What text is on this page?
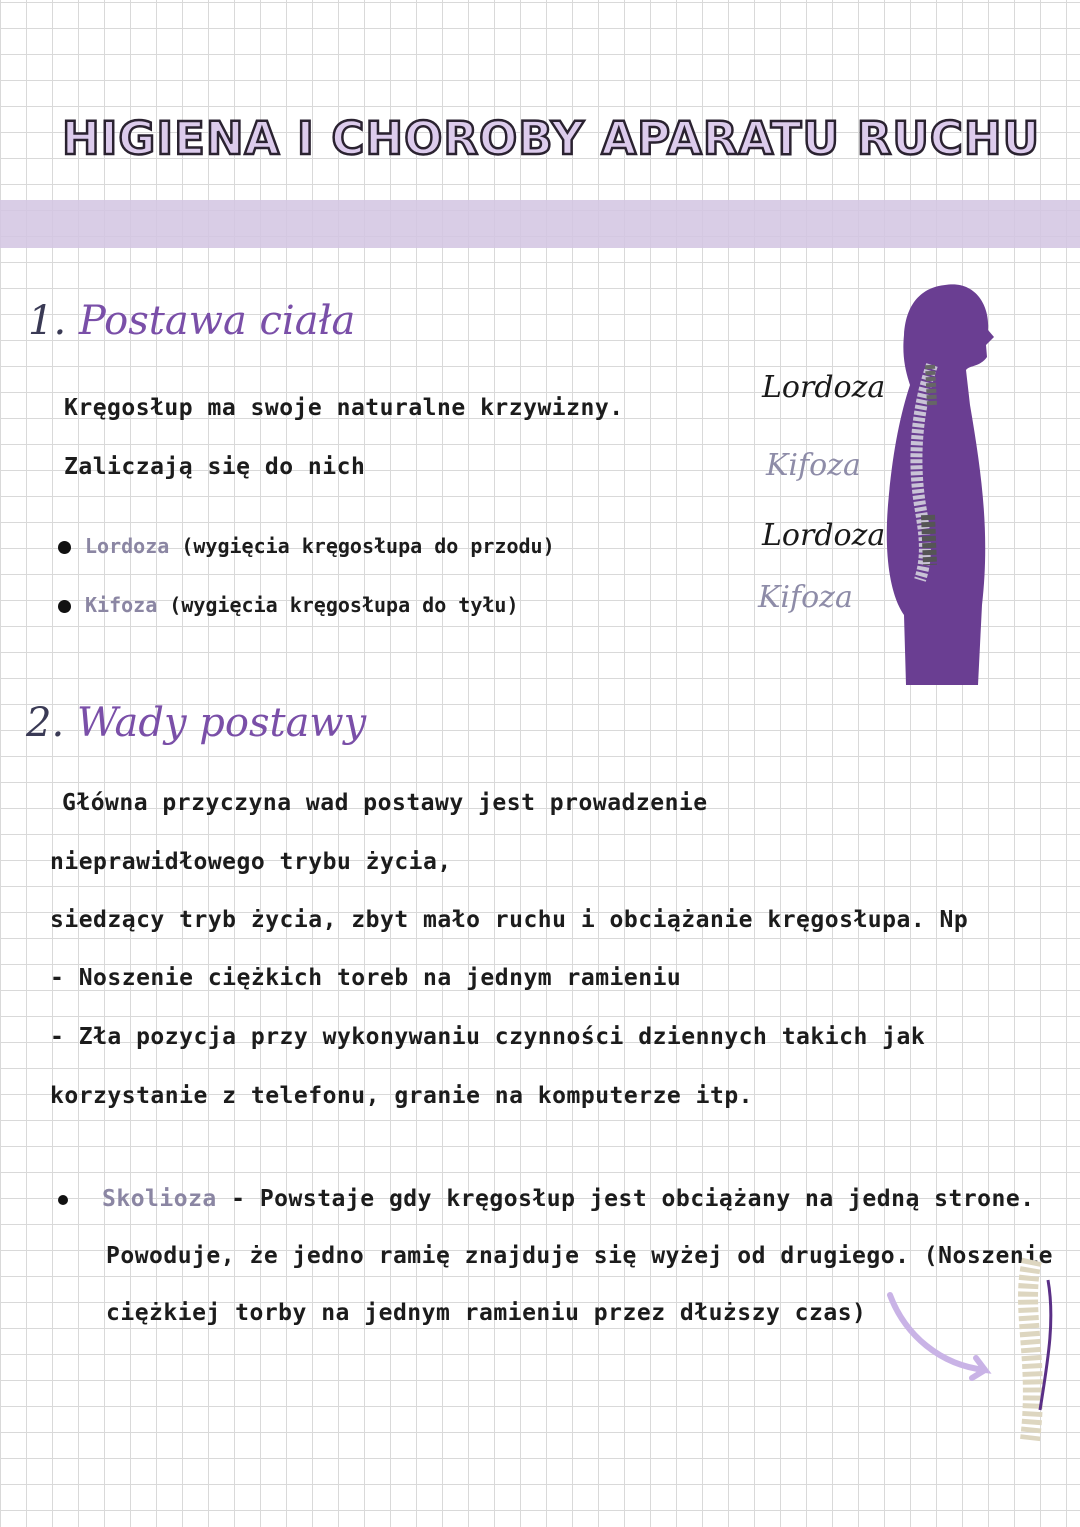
HIGIENA I CHOROBY APARATU RUCHU
1. Postawa ciała
Kręgosłup ma swoje naturalne krzywizny.
Zaliczają się do nich
Lordoza (wygięcia kręgosłupa do przodu)
Kifoza (wygięcia kręgosłupa do tyłu)
Lordoza
Kifoza
Lordoza
Kifoza
2. Wady postawy
Główna przyczyna wad postawy jest prowadzenie
nieprawidłowego trybu życia,
siedzący tryb życia, zbyt mało ruchu i obciążanie kręgosłupa. Np
- Noszenie ciężkich toreb na jednym ramieniu
- Zła pozycja przy wykonywaniu czynności dziennych takich jak
korzystanie z telefonu, granie na komputerze itp.
Skolioza - Powstaje gdy kręgosłup jest obciążany na jedną strone.
Powoduje, że jedno ramię znajduje się wyżej od drugiego. (Noszenie
ciężkiej torby na jednym ramieniu przez dłuższy czas)
